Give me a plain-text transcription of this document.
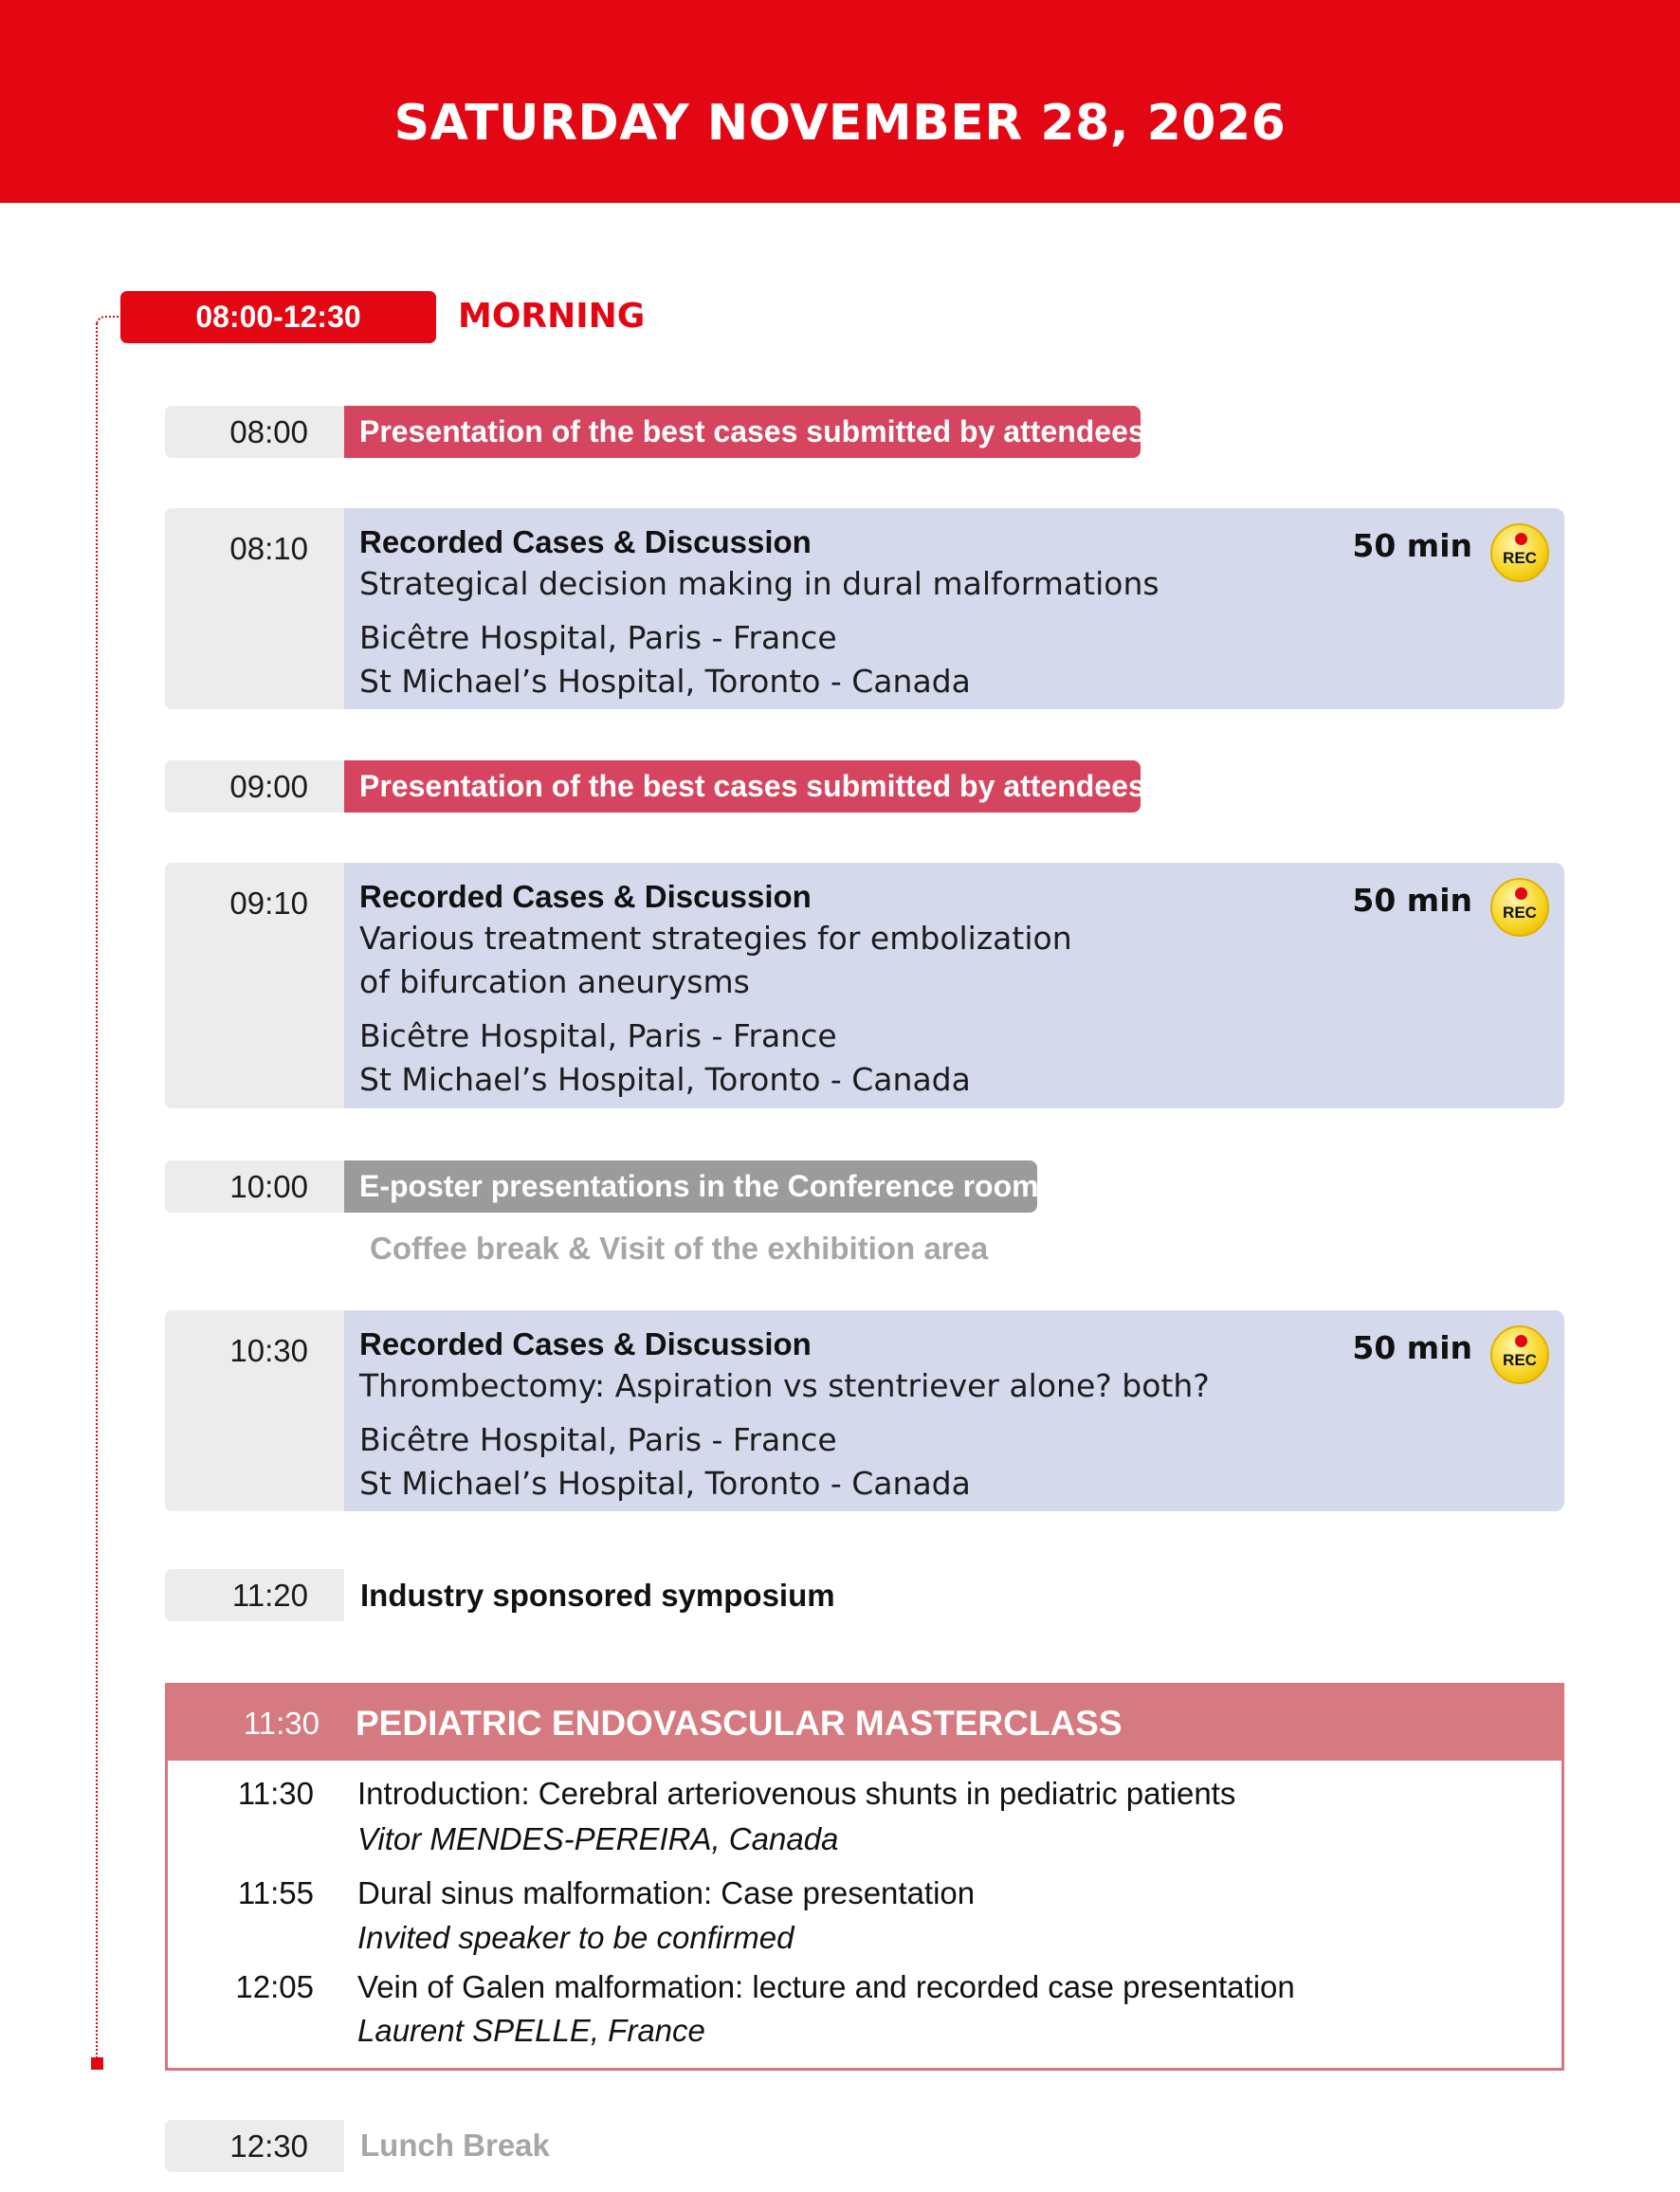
SATURDAY NOVEMBER 28, 2026
08:00-12:30	MORNING
08:00	Presentation of the best cases submitted by attendees
08:10	Recorded Cases & Discussion
Strategical decision making in dural malformations
Bicêtre Hospital, Paris - France
St Michael’s Hospital, Toronto - Canada
50 min	REC
09:00	Presentation of the best cases submitted by attendees
09:10	Recorded Cases & Discussion
Various treatment strategies for embolization
of bifurcation aneurysms
Bicêtre Hospital, Paris - France
St Michael’s Hospital, Toronto - Canada
50 min	REC
10:00	E-poster presentations in the Conference room
Coffee break & Visit of the exhibition area
10:30	Recorded Cases & Discussion
Thrombectomy: Aspiration vs stentriever alone? both?
Bicêtre Hospital, Paris - France
St Michael’s Hospital, Toronto - Canada
50 min	REC
11:20	Industry sponsored symposium
11:30 PEDIATRIC ENDOVASCULAR MASTERCLASS
11:30 Introduction: Cerebral arteriovenous shunts in pediatric patients
Vitor MENDES-PEREIRA, Canada
11:55 Dural sinus malformation: Case presentation
Invited speaker to be confirmed
12:05 Vein of Galen malformation: lecture and recorded case presentation
Laurent SPELLE, France
12:30	Lunch Break
